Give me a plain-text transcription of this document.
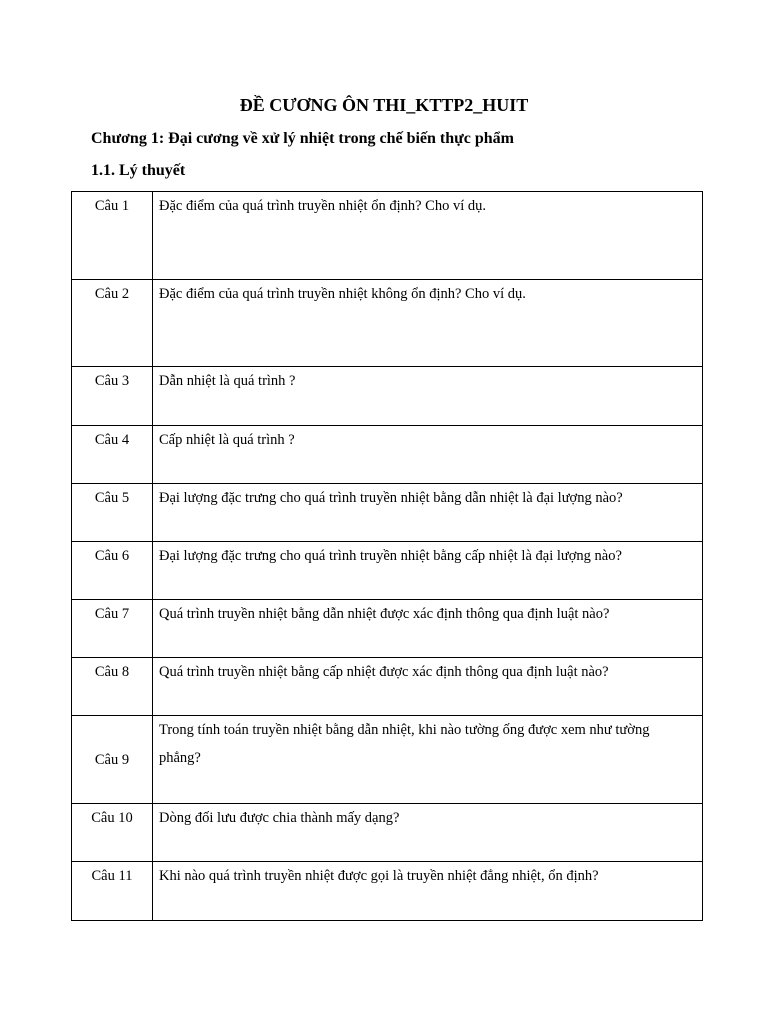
ĐỀ CƯƠNG ÔN THI_KTTP2_HUIT
Chương 1: Đại cương về xử lý nhiệt trong chế biến thực phẩm
1.1. Lý thuyết
Câu 1	Đặc điểm của quá trình truyền nhiệt ổn định? Cho ví dụ.
Câu 2	Đặc điểm của quá trình truyền nhiệt không ổn định? Cho ví dụ.
Câu 3	Dẫn nhiệt là quá trình ?
Câu 4	Cấp nhiệt là quá trình ?
Câu 5	Đại lượng đặc trưng cho quá trình truyền nhiệt bằng dẫn nhiệt là đại lượng nào?
Câu 6	Đại lượng đặc trưng cho quá trình truyền nhiệt bằng cấp nhiệt là đại lượng nào?
Câu 7	Quá trình truyền nhiệt bằng dẫn nhiệt được xác định thông qua định luật nào?
Câu 8	Quá trình truyền nhiệt bằng cấp nhiệt được xác định thông qua định luật nào?
Câu 9	Trong tính toán truyền nhiệt bằng dẫn nhiệt, khi nào tường ống được xem như tường phẳng?
Câu 10	Dòng đối lưu được chia thành mấy dạng?
Câu 11	Khi nào quá trình truyền nhiệt được gọi là truyền nhiệt đẳng nhiệt, ổn định?
